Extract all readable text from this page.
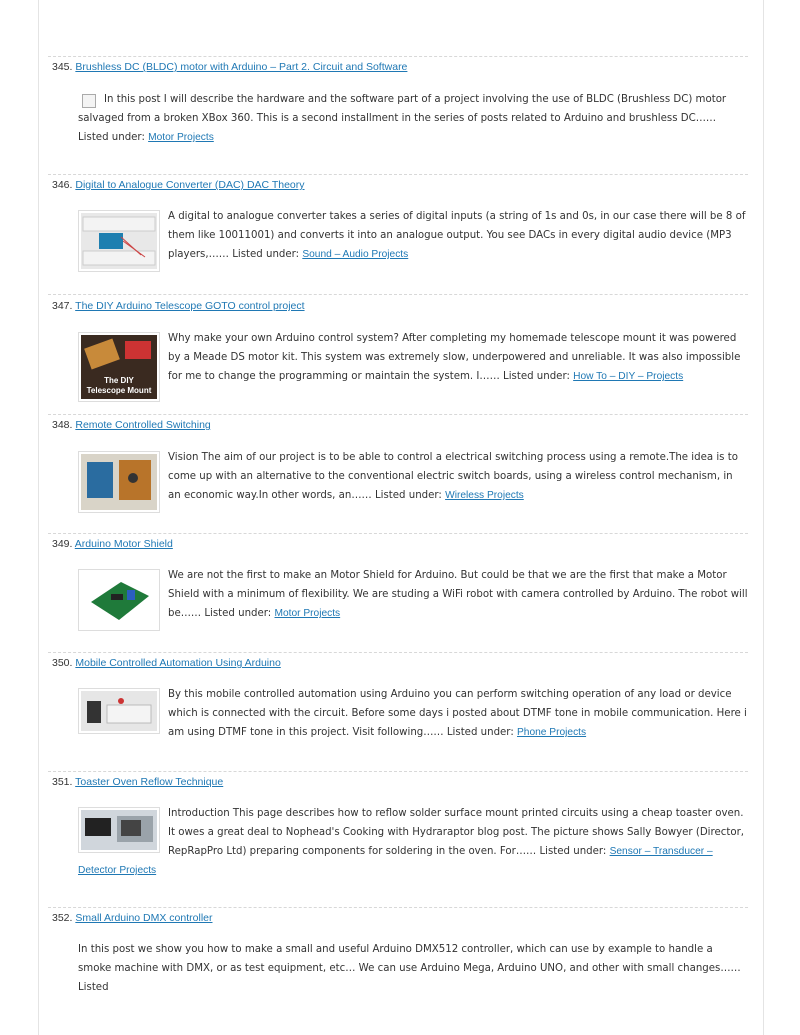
345. Brushless DC (BLDC) motor with Arduino – Part 2. Circuit and Software
In this post I will describe the hardware and the software part of a project involving the use of BLDC (Brushless DC) motor salvaged from a broken XBox 360. This is a second installment in the series of posts related to Arduino and brushless DC…… Listed under: Motor Projects
346. Digital to Analogue Converter (DAC) DAC Theory
A digital to analogue converter takes a series of digital inputs (a string of 1s and 0s, in our case there will be 8 of them like 10011001) and converts it into an analogue output. You see DACs in every digital audio device (MP3 players,…… Listed under: Sound – Audio Projects
347. The DIY Arduino Telescope GOTO control project
The DIY
Telescope Mount
Why make your own Arduino control system? After completing my homemade telescope mount it was powered by a Meade DS motor kit. This system was extremely slow, underpowered and unreliable. It was also impossible for me to change the programming or maintain the system. I…… Listed under: How To – DIY – Projects
348. Remote Controlled Switching
Vision The aim of our project is to be able to control a electrical switching process using a remote.The idea is to come up with an alternative to the conventional electric switch boards, using a wireless control mechanism, in an economic way.In other words, an…… Listed under: Wireless Projects
349. Arduino Motor Shield
We are not the first to make an Motor Shield for Arduino. But could be that we are the first that make a Motor Shield with a minimum of flexibility. We are studing a WiFi robot with camera controlled by Arduino. The robot will be…… Listed under: Motor Projects
350. Mobile Controlled Automation Using Arduino
By this mobile controlled automation using Arduino you can perform switching operation of any load or device which is connected with the circuit. Before some days i posted about DTMF tone in mobile communication. Here i am using DTMF tone in this project. Visit following…… Listed under: Phone Projects
351. Toaster Oven Reflow Technique
Introduction This page describes how to reflow solder surface mount printed circuits using a cheap toaster oven. It owes a great deal to Nophead's Cooking with Hydraraptor blog post. The picture shows Sally Bowyer (Director, RepRapPro Ltd) preparing components for soldering in the oven. For…… Listed under: Sensor – Transducer – Detector Projects
352. Small Arduino DMX controller
In this post we show you how to make a small and useful Arduino DMX512 controller, which can use by example to handle a smoke machine with DMX, or as test equipment, etc… We can use Arduino Mega, Arduino UNO, and other with small changes…… Listed
